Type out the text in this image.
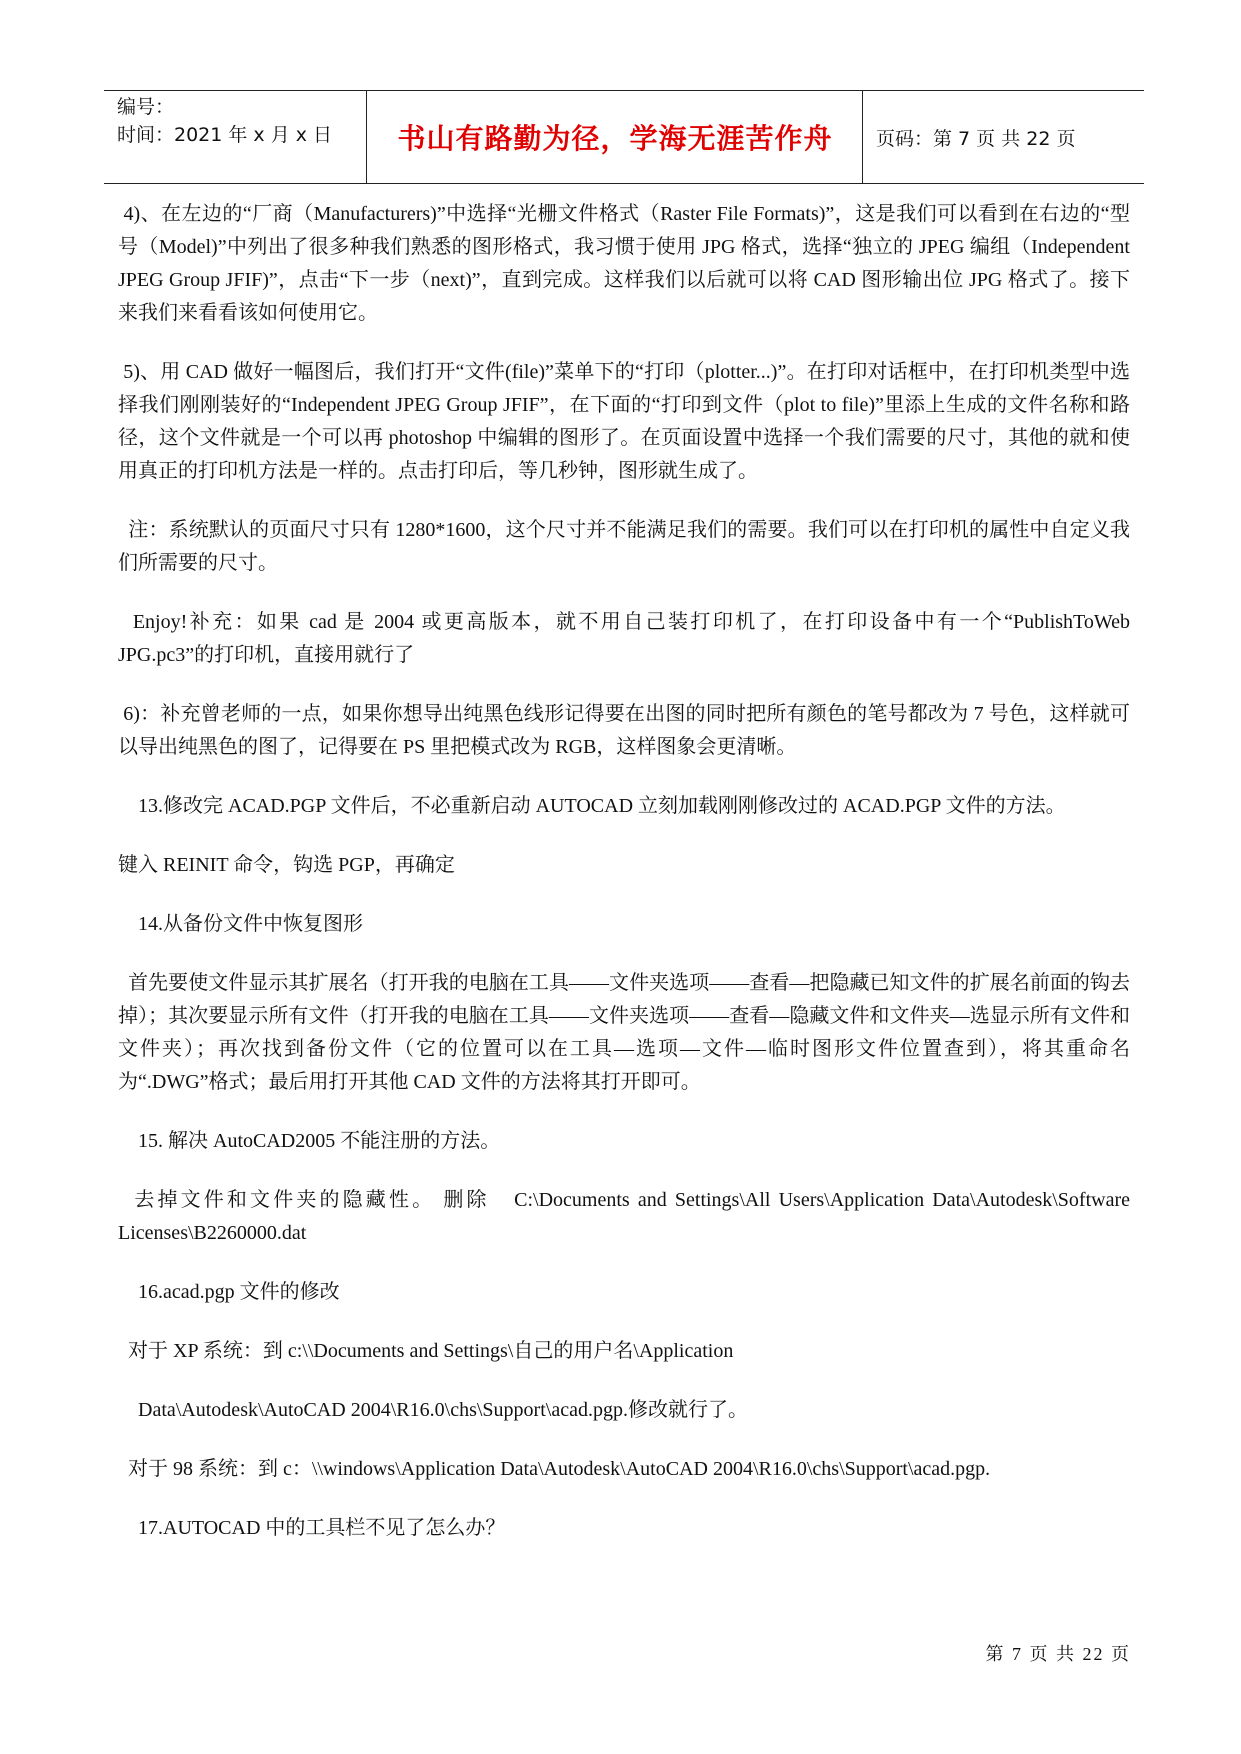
编号：
时间：2021 年 x 月 x 日 书山有路勤为径，学海无涯苦作舟 页码：第 7 页 共 22 页

4)、在左边的“厂商（Manufacturers)”中选择“光栅文件格式（Raster File Formats)”，这是我们可以看到在右边的“型号（Model)”中列出了很多种我们熟悉的图形格式，我习惯于使用 JPG 格式，选择“独立的 JPEG 编组（Independent JPEG Group JFIF)”，点击“下一步（next)”，直到完成。这样我们以后就可以将 CAD 图形输出位 JPG 格式了。接下来我们来看看该如何使用它。

5)、用 CAD 做好一幅图后，我们打开“文件(file)”菜单下的“打印（plotter...)”。在打印对话框中，在打印机类型中选择我们刚刚装好的“Independent JPEG Group JFIF”，在下面的“打印到文件（plot to file)”里添上生成的文件名称和路径，这个文件就是一个可以再 photoshop 中编辑的图形了。在页面设置中选择一个我们需要的尺寸，其他的就和使用真正的打印机方法是一样的。点击打印后，等几秒钟，图形就生成了。

注：系统默认的页面尺寸只有 1280*1600，这个尺寸并不能满足我们的需要。我们可以在打印机的属性中自定义我们所需要的尺寸。

Enjoy!补充：如果 cad 是 2004 或更高版本，就不用自己装打印机了，在打印设备中有一个“PublishToWeb JPG.pc3”的打印机，直接用就行了

6)：补充曾老师的一点，如果你想导出纯黑色线形记得要在出图的同时把所有颜色的笔号都改为 7 号色，这样就可以导出纯黑色的图了，记得要在 PS 里把模式改为 RGB，这样图象会更清晰。

13.修改完 ACAD.PGP 文件后，不必重新启动 AUTOCAD 立刻加载刚刚修改过的 ACAD.PGP 文件的方法。

键入 REINIT 命令，钩选 PGP，再确定

14.从备份文件中恢复图形

首先要使文件显示其扩展名（打开我的电脑在工具——文件夹选项——查看—把隐藏已知文件的扩展名前面的钩去掉）；其次要显示所有文件（打开我的电脑在工具——文件夹选项——查看—隐藏文件和文件夹—选显示所有文件和文件夹）；再次找到备份文件（它的位置可以在工具—选项—文件—临时图形文件位置查到），将其重命名为“.DWG”格式；最后用打开其他 CAD 文件的方法将其打开即可。

15. 解决 AutoCAD2005 不能注册的方法。

去掉文件和文件夹的隐藏性。 删除   C:\Documents and Settings\All Users\Application Data\Autodesk\Software Licenses\B2260000.dat

16.acad.pgp 文件的修改

对于 XP 系统：到 c:\\Documents and Settings\自己的用户名\Application

Data\Autodesk\AutoCAD 2004\R16.0\chs\Support\acad.pgp.修改就行了。

对于 98 系统：到 c：\\windows\Application Data\Autodesk\AutoCAD 2004\R16.0\chs\Support\acad.pgp.

17.AUTOCAD 中的工具栏不见了怎么办？

第 7 页 共 22 页
